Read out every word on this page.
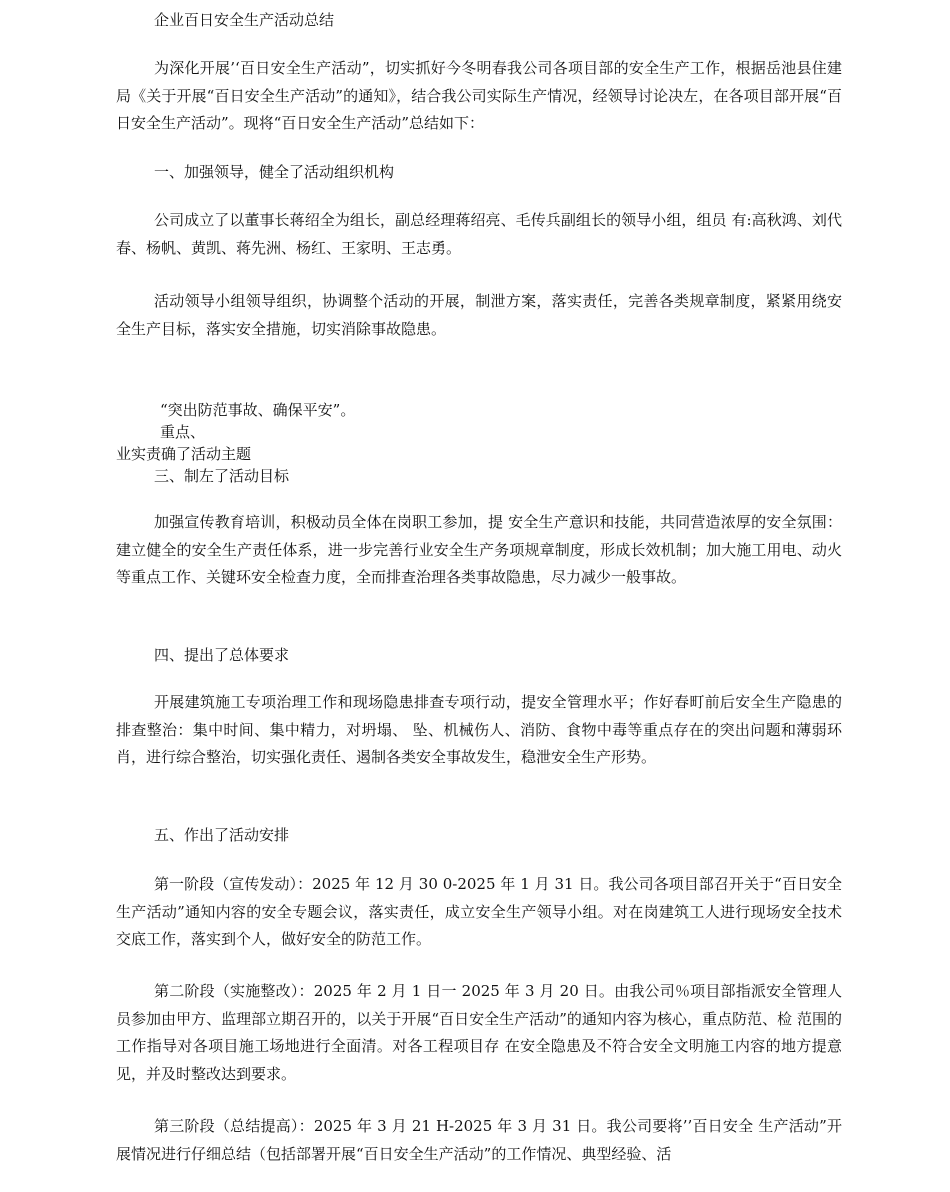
企业百日安全生产活动总结

为深化开展’‘百日安全生产活动”，切实抓好今冬明春我公司各项目部的安全生产工作，根据岳池县住建局《关于开展“百日安全生产活动”的通知》，结合我公司实际生产情况，经领导讨论决左，在各项目部开展“百日安全生产活动”。现将“百日安全生产活动”总结如下：

一、加强领导，健全了活动组织机构

公司成立了以董事长蒋绍全为组长，副总经理蒋绍亮、毛传兵副组长的领导小组，组员 有:高秋鸿、刘代春、杨帆、黄凯、蒋先洲、杨红、王家明、王志勇。

活动领导小组领导组织，协调整个活动的开展，制泄方案，落实责任，完善各类规章制度，紧紧用绕安全生产目标，落实安全措施，切实消除事故隐患。

“突出防范事故、确保平安”。
重点、
业实责确了活动主题
三、制左了活动目标

加强宣传教育培训，积极动员全体在岗职工参加，提 安全生产意识和技能，共同营造浓厚的安全氛围：建立健全的安全生产责任体系，进一步完善行业安全生产务项规章制度，形成长效机制；加大施工用电、动火等重点工作、关键环安全检查力度，全而排查治理各类事故隐患，尽力减少一般事故。

四、提出了总体要求

开展建筑施工专项治理工作和现场隐患排查专项行动，提安全管理水平；作好春町前后安全生产隐患的排查整治：集中时间、集中精力，对坍塌、 坠、机械伤人、消防、食物中毒等重点存在的突出问题和薄弱环肖，进行综合整治，切实强化责任、遏制各类安全事故发生，稳泄安全生产形势。

五、作出了活动安排

第一阶段（宣传发动）：2025 年 12 月 30 0-2025 年 1 月 31 日。我公司各项目部召开关于“百日安全生产活动”通知内容的安全专题会议，落实责任，成立安全生产领导小组。对在岗建筑工人进行现场安全技术交底工作，落实到个人，做好安全的防范工作。

第二阶段（实施整改）：2025 年 2 月 1 日一 2025 年 3 月 20 日。由我公司％项目部指派安全管理人员参加由甲方、监理部立期召开的，以关于开展“百日安全生产活动”的通知内容为核心，重点防范、检 范围的工作指导对各项目施工场地进行全面清。对各工程项目存 在安全隐患及不符合安全文明施工内容的地方提意见，并及时整改达到要求。

第三阶段（总结提高）：2025 年 3 月 21 H-2025 年 3 月 31 日。我公司要将’’百日安全 生产活动”开展情况进行仔细总结（包括部署开展“百日安全生产活动”的工作情况、典型经验、活
